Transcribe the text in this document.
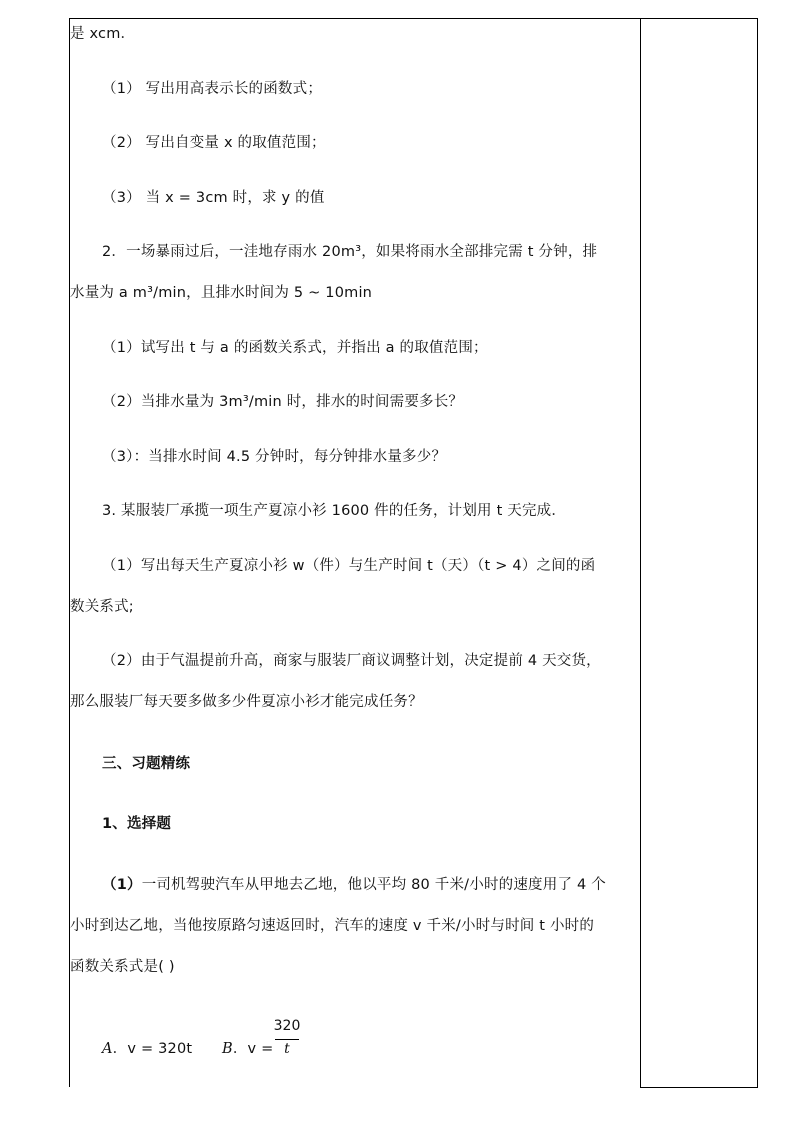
是 xcm．
（1） 写出用高表示长的函数式；
（2） 写出自变量 x 的取值范围；
（3） 当 x = 3cm 时，求 y 的值
2．一场暴雨过后，一洼地存雨水 20m³，如果将雨水全部排完需 t 分钟，排
水量为 a m³/min，且排水时间为 5 ~ 10min
（1）试写出 t 与 a 的函数关系式，并指出 a 的取值范围；
（2）当排水量为 3m³/min 时，排水的时间需要多长？
（3）：当排水时间 4.5 分钟时，每分钟排水量多少？
3. 某服装厂承揽一项生产夏凉小衫 1600 件的任务，计划用 t 天完成．
（1）写出每天生产夏凉小衫 w（件）与生产时间 t（天）（t > 4）之间的函
数关系式;
（2）由于气温提前升高，商家与服装厂商议调整计划，决定提前 4 天交货，
那么服装厂每天要多做多少件夏凉小衫才能完成任务？
三、习题精练
1、选择题
（1）一司机驾驶汽车从甲地去乙地，他以平均 80 千米/小时的速度用了 4 个
小时到达乙地，当他按原路匀速返回时，汽车的速度 v 千米/小时与时间 t 小时的
函数关系式是( )
A．v = 320t B．v =
320
t
